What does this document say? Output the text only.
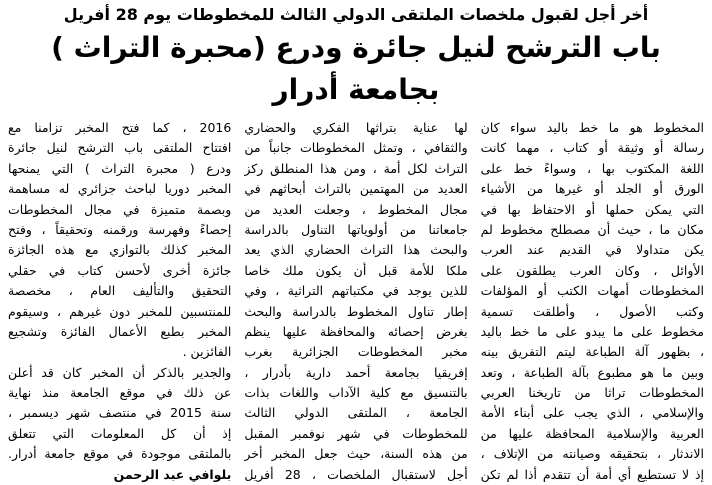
أخر أجل لقبول ملخصات الملتقى الدولي الثالث للمخطوطات يوم 28 أفريل
باب الترشح لنيل جائرة ودرع (محبرة التراث ) بجامعة أدرار
المخطوط هو ما خط باليد سواء كان
رسالة أو وثيقة أو كتاب ، مهما كانت
اللغة المكتوب بها ، وسواءً خط على
الورق أو الجلد أو غيرها من الأشياء
التي يمكن حملها أو الاحتفاظ بها في
مكان ما ، حيث أن مصطلح مخطوط لم
يكن متداولا في القديم عند العرب
الأوائل ، وكان العرب يطلقون على
المخطوطات أمهات الكتب أو المؤلفات
وكتب الأصول ، وأطلقت تسمية
مخطوط على ما يبدو على ما خط باليد
، بظهور آلة الطباعة ليتم التفريق بينه
وبين ما هو مطبوع بآلة الطباعة ، وتعد
المخطوطات تراثا من تاريخنا العربي
والإسلامي ، الذي يجب على أبناء الأمة
العربية والإسلامية المحافظة عليها من
الاندثار ، بتحقيقه وصيانته من الإتلاف ،
إذ لا تستطيع أي أمة أن تتقدم أذا لم تكن
لها عناية بتراثها الفكري والحضاري
والثقافي ، وتمثل المخطوطات جانباً من
التراث لكل أمة ، ومن هذا المنطلق ركز
العديد من المهتمين بالتراث أبحاثهم في
مجال المخطوط ، وجعلت العديد من
جامعاتنا من أولوياتها التناول بالدراسة
والبحث هذا التراث الحضاري الذي يعد
ملكا للأمة قبل أن يكون ملك خاصا
للذين يوجد في مكتباتهم التراثية ، وفي
إطار تناول المخطوط بالدراسة والبحث
بغرض إحصائه والمحافظة عليها ينظم
مخبر المخطوطات الجزائرية بغرب
إفريقيا بجامعة أحمد دارية بأدرار ،
بالتنسيق مع كلية الآداب واللغات بذات
الجامعة ، الملتقى الدولي الثالث
للمخطوطات في شهر نوفمبر المقبل
من هذه السنة، حيث جعل المخبر أخر
أجل لاستقبال الملخصات ، 28 أفريل
2016 ، كما فتح المخبر تزامنا مع
افتتاح الملتقى باب الترشح لنيل جائرة
ودرع ( محبرة التراث ) التي يمنحها
المخبر دوريا لباحث جزائري له مساهمة
وبصمة متميزة في مجال المخطوطات
إحصاءً وفهرسة ورقمنه وتحقيقاً ، وفتح
المخبر كذلك بالتوازي مع هذه الجائزة
جائزة أخرى لأحسن كتاب في حقلي
التحقيق والتأليف العام ، مخصصة
للمنتسبين للمخبر دون غيرهم ، وسيقوم
المخبر بطبع الأعمال الفائزة وتشجيع
الفائزين .
والجدير بالذكر أن المخبر كان قد أعلن
عن ذلك في موقع الجامعة منذ نهاية
سنة 2015 في منتصف شهر ديسمبر ،
إذ أن كل المعلومات التي تتعلق
بالملتقى موجودة في موقع جامعة أدرار.
بلوافي عبد الرحمن
